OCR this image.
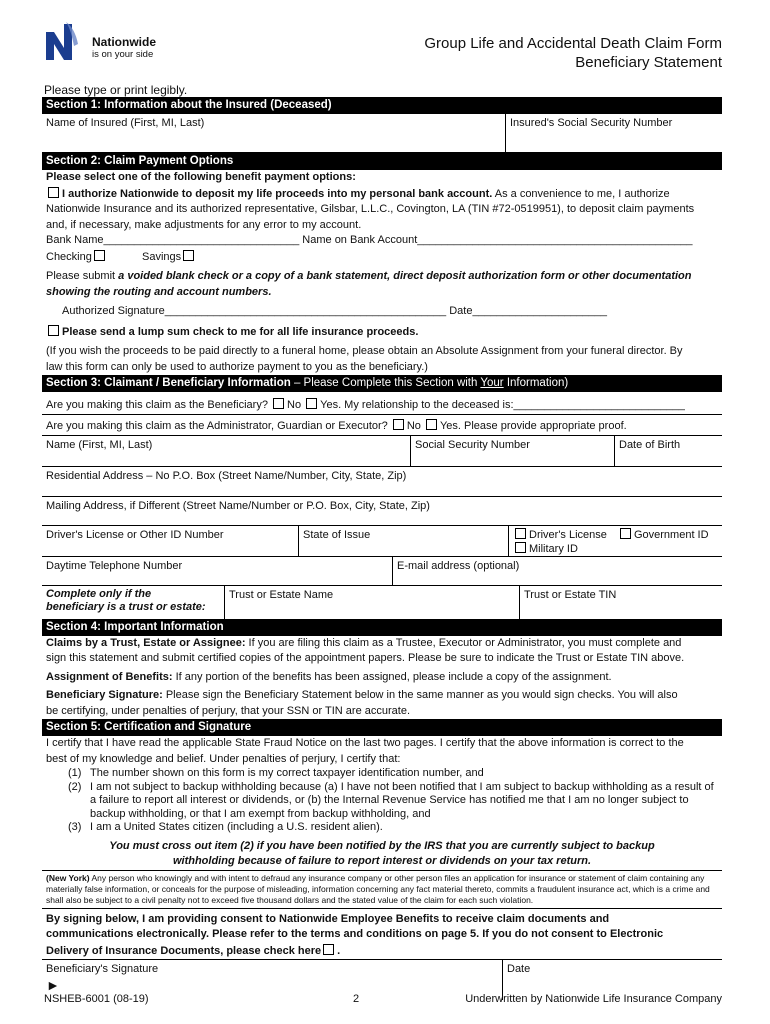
Nationwide
is on your side
Group Life and Accidental Death Claim Form
Beneficiary Statement
Please type or print legibly.
Section 1: Information about the Insured (Deceased)
Name of Insured (First, MI, Last)	Insured's Social Security Number
Section 2: Claim Payment Options
Please select one of the following benefit payment options:
I authorize Nationwide to deposit my life proceeds into my personal bank account. As a convenience to me, I authorize
Nationwide Insurance and its authorized representative, Gilsbar, L.L.C., Covington, LA (TIN #72-0519951), to deposit claim payments
and, if necessary, make adjustments for any error to my account.
Bank Name________________________________ Name on Bank Account_____________________________________________
Checking	Savings
Please submit a voided blank check or a copy of a bank statement, direct deposit authorization form or other documentation
showing the routing and account numbers.
Authorized Signature______________________________________________ Date______________________
Please send a lump sum check to me for all life insurance proceeds.
(If you wish the proceeds to be paid directly to a funeral home, please obtain an Absolute Assignment from your funeral director. By
law this form can only be used to authorize payment to you as the beneficiary.)
Section 3: Claimant / Beneficiary Information – Please Complete this Section with Your Information)
Are you making this claim as the Beneficiary? No Yes. My relationship to the deceased is:____________________________
Are you making this claim as the Administrator, Guardian or Executor? No Yes. Please provide appropriate proof.
Name (First, MI, Last)	Social Security Number	Date of Birth
Residential Address – No P.O. Box (Street Name/Number, City, State, Zip)
Mailing Address, if Different (Street Name/Number or P.O. Box, City, State, Zip)
Driver's License or Other ID Number	State of Issue	Driver's License Government ID
Military ID
Daytime Telephone Number	E-mail address (optional)
Complete only if the
beneficiary is a trust or estate:
Trust or Estate Name	Trust or Estate TIN
Section 4: Important Information
Claims by a Trust, Estate or Assignee: If you are filing this claim as a Trustee, Executor or Administrator, you must complete and
sign this statement and submit certified copies of the appointment papers. Please be sure to indicate the Trust or Estate TIN above.
Assignment of Benefits: If any portion of the benefits has been assigned, please include a copy of the assignment.
Beneficiary Signature: Please sign the Beneficiary Statement below in the same manner as you would sign checks. You will also
be certifying, under penalties of perjury, that your SSN or TIN are accurate.
Section 5: Certification and Signature
I certify that I have read the applicable State Fraud Notice on the last two pages. I certify that the above information is correct to the
best of my knowledge and belief. Under penalties of perjury, I certify that:
(1) The number shown on this form is my correct taxpayer identification number, and
(2) I am not subject to backup withholding because (a) I have not been notified that I am subject to backup withholding as a result of a failure to report all interest or dividends, or (b) the Internal Revenue Service has notified me that I am no longer subject to backup withholding, or that I am exempt from backup withholding, and
(3) I am a United States citizen (including a U.S. resident alien).
You must cross out item (2) if you have been notified by the IRS that you are currently subject to backup
withholding because of failure to report interest or dividends on your tax return.
(New York) Any person who knowingly and with intent to defraud any insurance company or other person files an application for insurance or statement of claim containing any materially false information, or conceals for the purpose of misleading, information concerning any fact material thereto, commits a fraudulent insurance act, which is a crime and shall also be subject to a civil penalty not to exceed five thousand dollars and the stated value of the claim for each such violation.
By signing below, I am providing consent to Nationwide Employee Benefits to receive claim documents and
communications electronically. Please refer to the terms and conditions on page 5. If you do not consent to Electronic
Delivery of Insurance Documents, please check here .
Beneficiary's Signature
►
Date
NSHEB-6001 (08-19)	2	Underwritten by Nationwide Life Insurance Company
